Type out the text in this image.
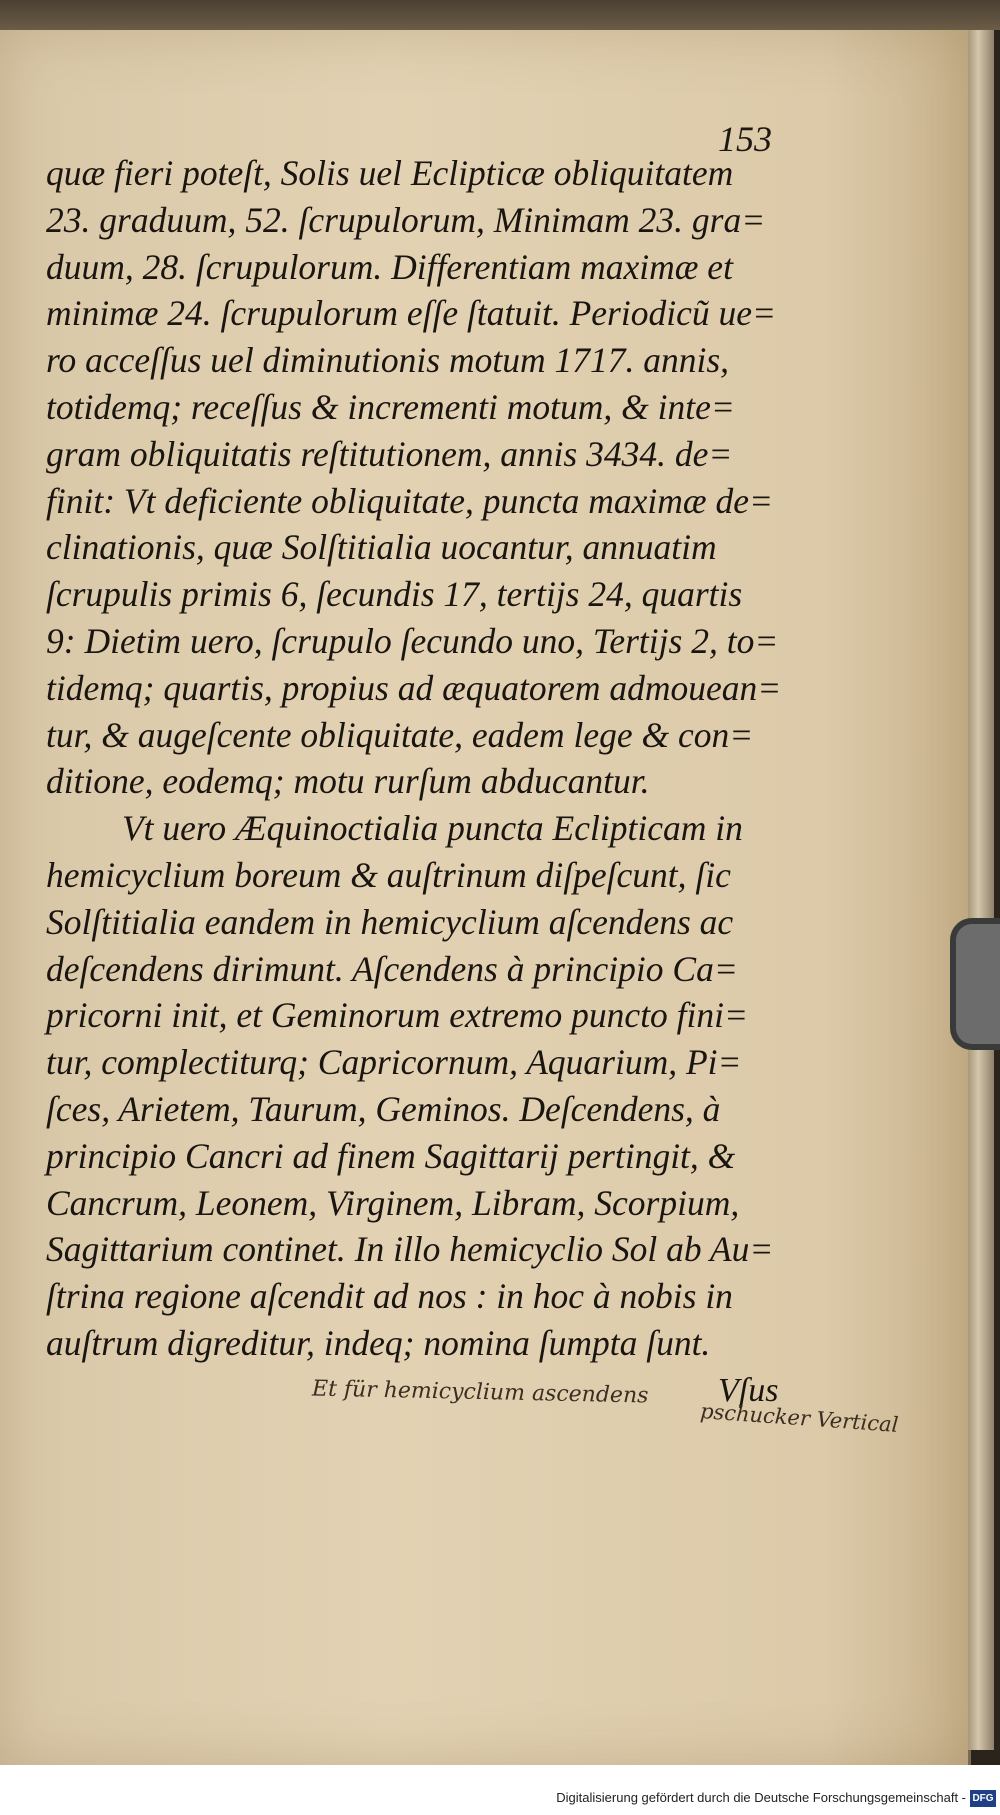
153
quæ fieri poteſt, Solis uel Eclipticæ obliquitatem
23. graduum, 52. ſcrupulorum, Minimam 23. gra=
duum, 28. ſcrupulorum. Differentiam maximæ et
minimæ 24. ſcrupulorum eſſe ſtatuit. Periodicũ ue=
ro acceſſus uel diminutionis motum 1717. annis,
totidemq; receſſus & incrementi motum, & inte=
gram obliquitatis reſtitutionem, annis 3434. de=
finit: Vt deficiente obliquitate, puncta maximæ de=
clinationis, quæ Solſtitialia uocantur, annuatim
ſcrupulis primis 6, ſecundis 17, tertijs 24, quartis
9: Dietim uero, ſcrupulo ſecundo uno, Tertijs 2, to=
tidemq; quartis, propius ad æquatorem admouean=
tur, & augeſcente obliquitate, eadem lege & con=
ditione, eodemq; motu rurſum abducantur.
Vt uero Æquinoctialia puncta Eclipticam in
hemicyclium boreum & auſtrinum diſpeſcunt, ſic
Solſtitialia eandem in hemicyclium aſcendens ac
deſcendens dirimunt. Aſcendens à principio Ca=
pricorni init, et Geminorum extremo puncto fini=
tur, complectiturq; Capricornum, Aquarium, Pi=
ſces, Arietem, Taurum, Geminos. Deſcendens, à
principio Cancri ad finem Sagittarij pertingit, &
Cancrum, Leonem, Virginem, Libram, Scorpium,
Sagittarium continet. In illo hemicyclio Sol ab Au=
ſtrina regione aſcendit ad nos : in hoc à nobis in
auſtrum digreditur, indeq; nomina ſumpta ſunt.
Et für hemicyclium ascendens Vſus
pschucker Vertical
Digitalisierung gefördert durch die Deutsche Forschungsgemeinschaft - DFG
